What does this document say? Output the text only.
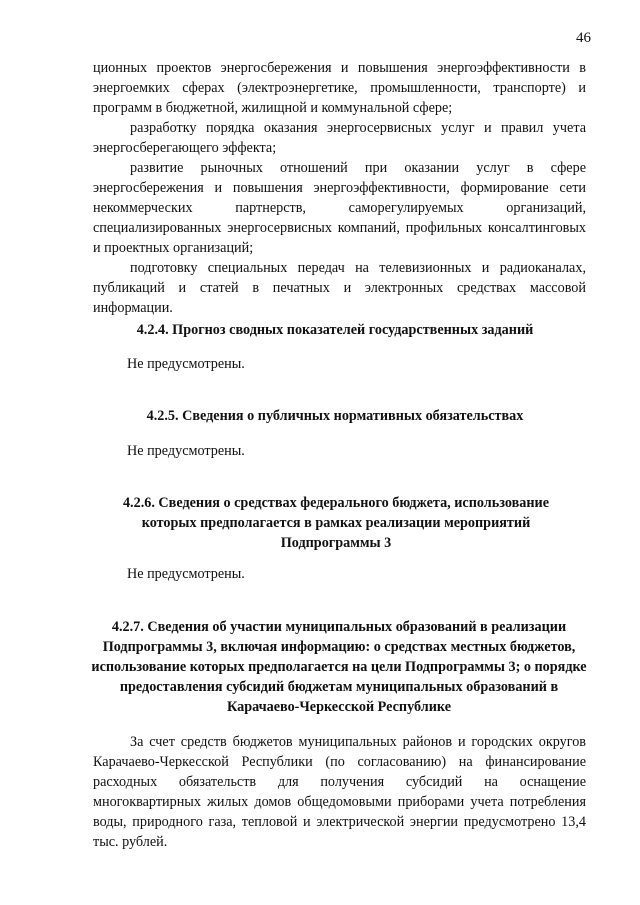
46

ционных проектов энергосбережения и повышения энергоэффективности в энергоемких сферах (электроэнергетике, промышленности, транспорте) и программ в бюджетной, жилищной и коммунальной сфере;

разработку порядка оказания энергосервисных услуг и правил учета энергосберегающего эффекта;

развитие рыночных отношений при оказании услуг в сфере энергосбережения и повышения энергоэффективности, формирование сети некоммерческих партнерств, саморегулируемых организаций, специализированных энергосервисных компаний, профильных консалтинговых и проектных организаций;

подготовку специальных передач на телевизионных и радиоканалах, публикаций и статей в печатных и электронных средствах массовой информации.

4.2.4. Прогноз сводных показателей государственных заданий

Не предусмотрены.

4.2.5. Сведения о публичных нормативных обязательствах

Не предусмотрены.

4.2.6. Сведения о средствах федерального бюджета, использование которых предполагается в рамках реализации мероприятий Подпрограммы 3

Не предусмотрены.

4.2.7. Сведения об участии муниципальных образований в реализации Подпрограммы 3, включая информацию: о средствах местных бюджетов, использование которых предполагается на цели Подпрограммы 3; о порядке предоставления субсидий бюджетам муниципальных образований в Карачаево-Черкесской Республике

За счет средств бюджетов муниципальных районов и городских округов Карачаево-Черкесской Республики (по согласованию) на финансирование расходных обязательств для получения субсидий на оснащение многоквартирных жилых домов общедомовыми приборами учета потребления воды, природного газа, тепловой и электрической энергии предусмотрено 13,4 тыс. рублей.
